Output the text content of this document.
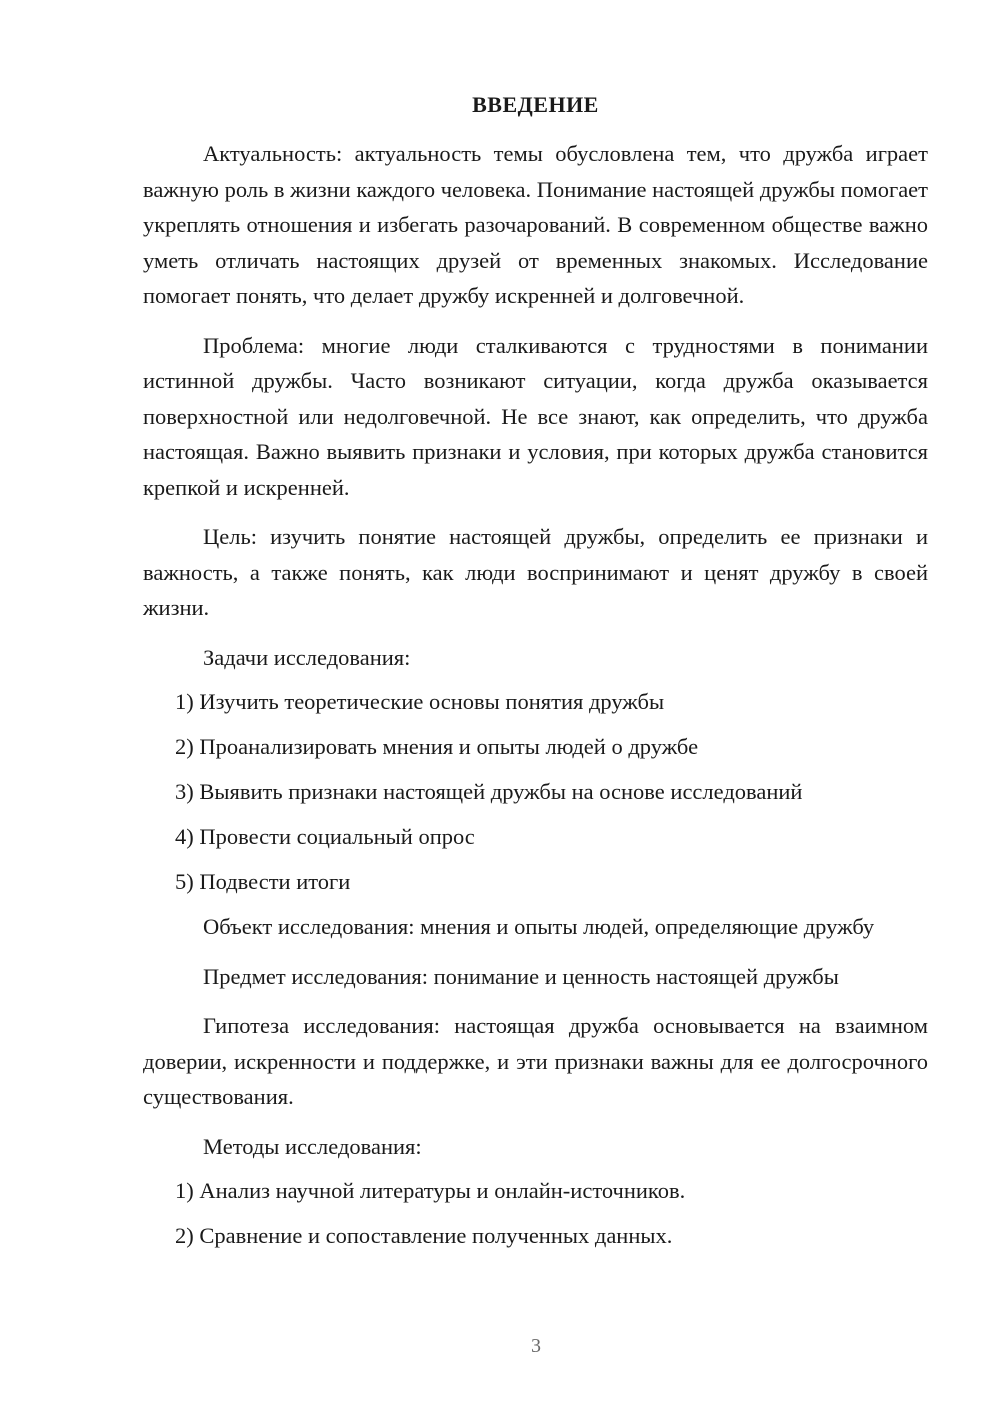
ВВЕДЕНИЕ

Актуальность: актуальность темы обусловлена тем, что дружба играет важную роль в жизни каждого человека. Понимание настоящей дружбы помогает укреплять отношения и избегать разочарований. В современном обществе важно уметь отличать настоящих друзей от временных знакомых. Исследование помогает понять, что делает дружбу искренней и долговечной.

Проблема: многие люди сталкиваются с трудностями в понимании истинной дружбы. Часто возникают ситуации, когда дружба оказывается поверхностной или недолговечной. Не все знают, как определить, что дружба настоящая. Важно выявить признаки и условия, при которых дружба становится крепкой и искренней.

Цель: изучить понятие настоящей дружбы, определить ее признаки и важность, а также понять, как люди воспринимают и ценят дружбу в своей жизни.

Задачи исследования:
1) Изучить теоретические основы понятия дружбы
2) Проанализировать мнения и опыты людей о дружбе
3) Выявить признаки настоящей дружбы на основе исследований
4) Провести социальный опрос
5) Подвести итоги

Объект исследования: мнения и опыты людей, определяющие дружбу

Предмет исследования: понимание и ценность настоящей дружбы

Гипотеза исследования: настоящая дружба основывается на взаимном доверии, искренности и поддержке, и эти признаки важны для ее долгосрочного существования.

Методы исследования:
1) Анализ научной литературы и онлайн-источников.
2) Сравнение и сопоставление полученных данных.
3
